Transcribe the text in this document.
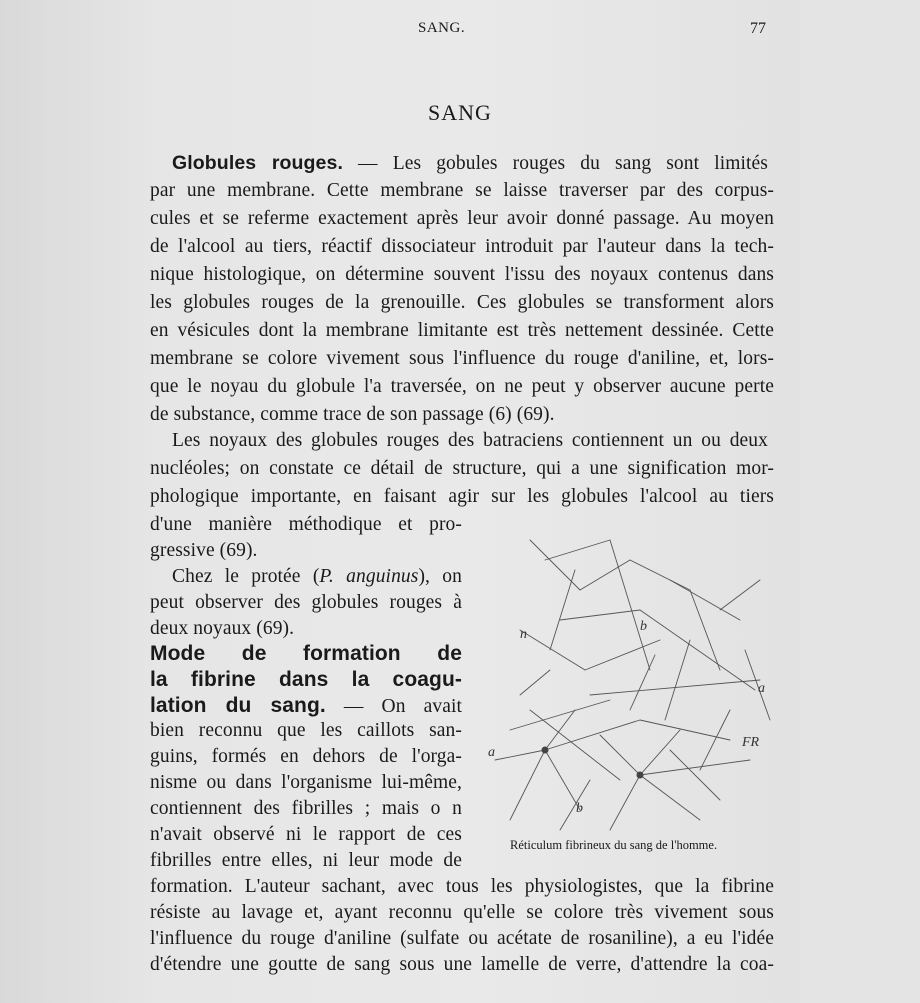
SANG.	77
SANG
Globules rouges. — Les gobules rouges du sang sont limités
par une membrane. Cette membrane se laisse traverser par des corpus-
cules et se referme exactement après leur avoir donné passage. Au moyen
de l'alcool au tiers, réactif dissociateur introduit par l'auteur dans la tech-
nique histologique, on détermine souvent l'issu des noyaux contenus dans
les globules rouges de la grenouille. Ces globules se transforment alors
en vésicules dont la membrane limitante est très nettement dessinée. Cette
membrane se colore vivement sous l'influence du rouge d'aniline, et, lors-
que le noyau du globule l'a traversée, on ne peut y observer aucune perte
de substance, comme trace de son passage (6) (69).
Les noyaux des globules rouges des batraciens contiennent un ou deux
nucléoles; on constate ce détail de structure, qui a une signification mor-
phologique importante, en faisant agir sur les globules l'alcool au tiers
d'une manière méthodique et pro-
gressive (69).
Chez le protée (P. anguinus), on
peut observer des globules rouges à
deux noyaux (69).
Mode de formation de
la fibrine dans la coagu-
lation du sang. — On avait
bien reconnu que les caillots san-
guins, formés en dehors de l'orga-
nisme ou dans l'organisme lui-même,
contiennent des fibrilles ; mais o n
n'avait observé ni le rapport de ces
fibrilles entre elles, ni leur mode de
formation. L'auteur sachant, avec tous les physiologistes, que la fibrine
résiste au lavage et, ayant reconnu qu'elle se colore très vivement sous
l'influence du rouge d'aniline (sulfate ou acétate de rosaniline), a eu l'idée
d'étendre une goutte de sang sous une lamelle de verre, d'attendre la coa-
n
b
a
a
FR
b
Réticulum fibrineux du sang de l'homme.
